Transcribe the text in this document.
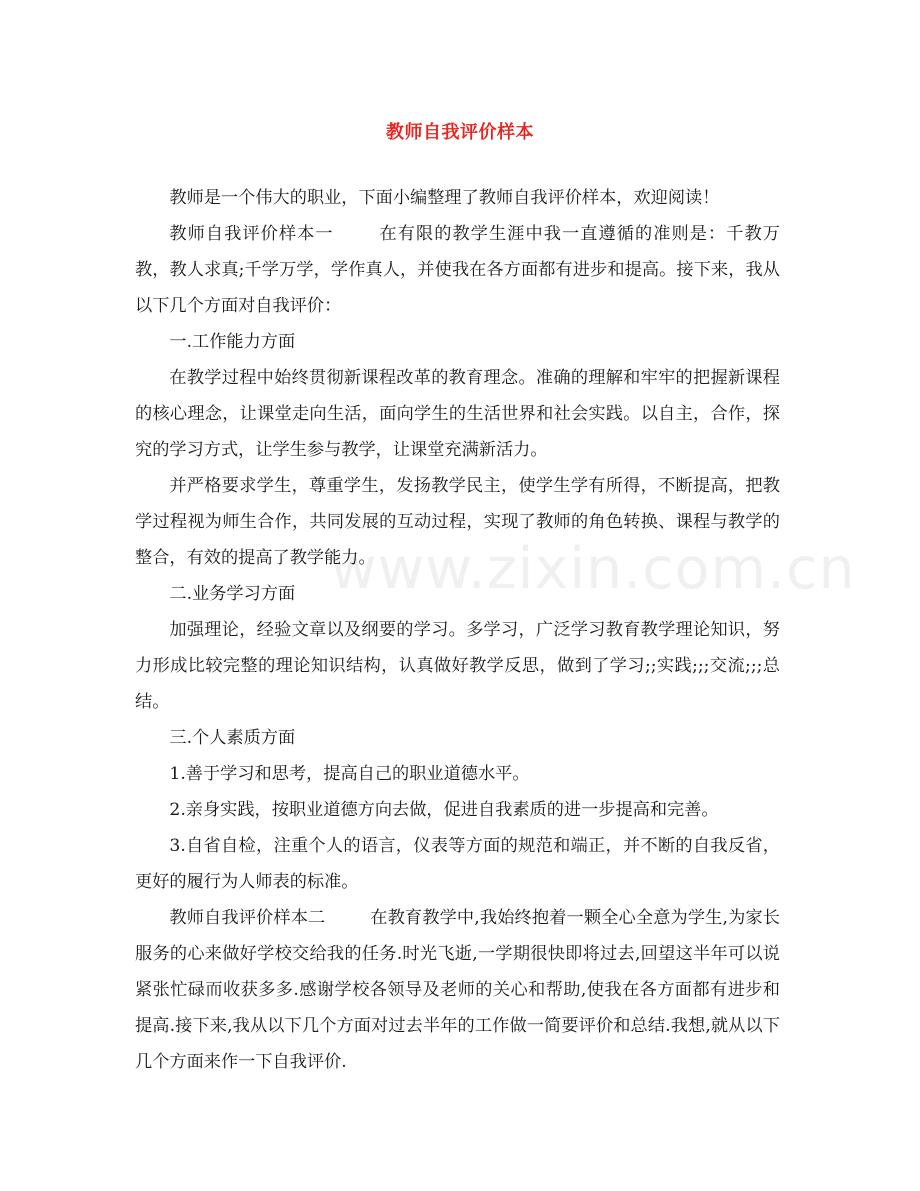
教师自我评价样本
www.zixin.com.cn

教师是一个伟大的职业，下面小编整理了教师自我评价样本，欢迎阅读！

教师自我评价样本一	在有限的教学生涯中我一直遵循的准则是：千教万教，教人求真;千学万学，学作真人，并使我在各方面都有进步和提高。接下来，我从以下几个方面对自我评价：

一.工作能力方面

在教学过程中始终贯彻新课程改革的教育理念。准确的理解和牢牢的把握新课程的核心理念，让课堂走向生活，面向学生的生活世界和社会实践。以自主，合作，探究的学习方式，让学生参与教学，让课堂充满新活力。

并严格要求学生，尊重学生，发扬教学民主，使学生学有所得，不断提高，把教学过程视为师生合作，共同发展的互动过程，实现了教师的角色转换、课程与教学的整合，有效的提高了教学能力。

二.业务学习方面

加强理论，经验文章以及纲要的学习。多学习，广泛学习教育教学理论知识，努力形成比较完整的理论知识结构，认真做好教学反思，做到了学习;;实践;;;交流;;;总结。

三.个人素质方面

1.善于学习和思考，提高自己的职业道德水平。

2.亲身实践，按职业道德方向去做，促进自我素质的进一步提高和完善。

3.自省自检，注重个人的语言，仪表等方面的规范和端正，并不断的自我反省，更好的履行为人师表的标准。

教师自我评价样本二	在教育教学中,我始终抱着一颗全心全意为学生,为家长服务的心来做好学校交给我的任务.时光飞逝,一学期很快即将过去,回望这半年可以说紧张忙碌而收获多多.感谢学校各领导及老师的关心和帮助,使我在各方面都有进步和提高.接下来,我从以下几个方面对过去半年的工作做一简要评价和总结.我想,就从以下几个方面来作一下自我评价.
